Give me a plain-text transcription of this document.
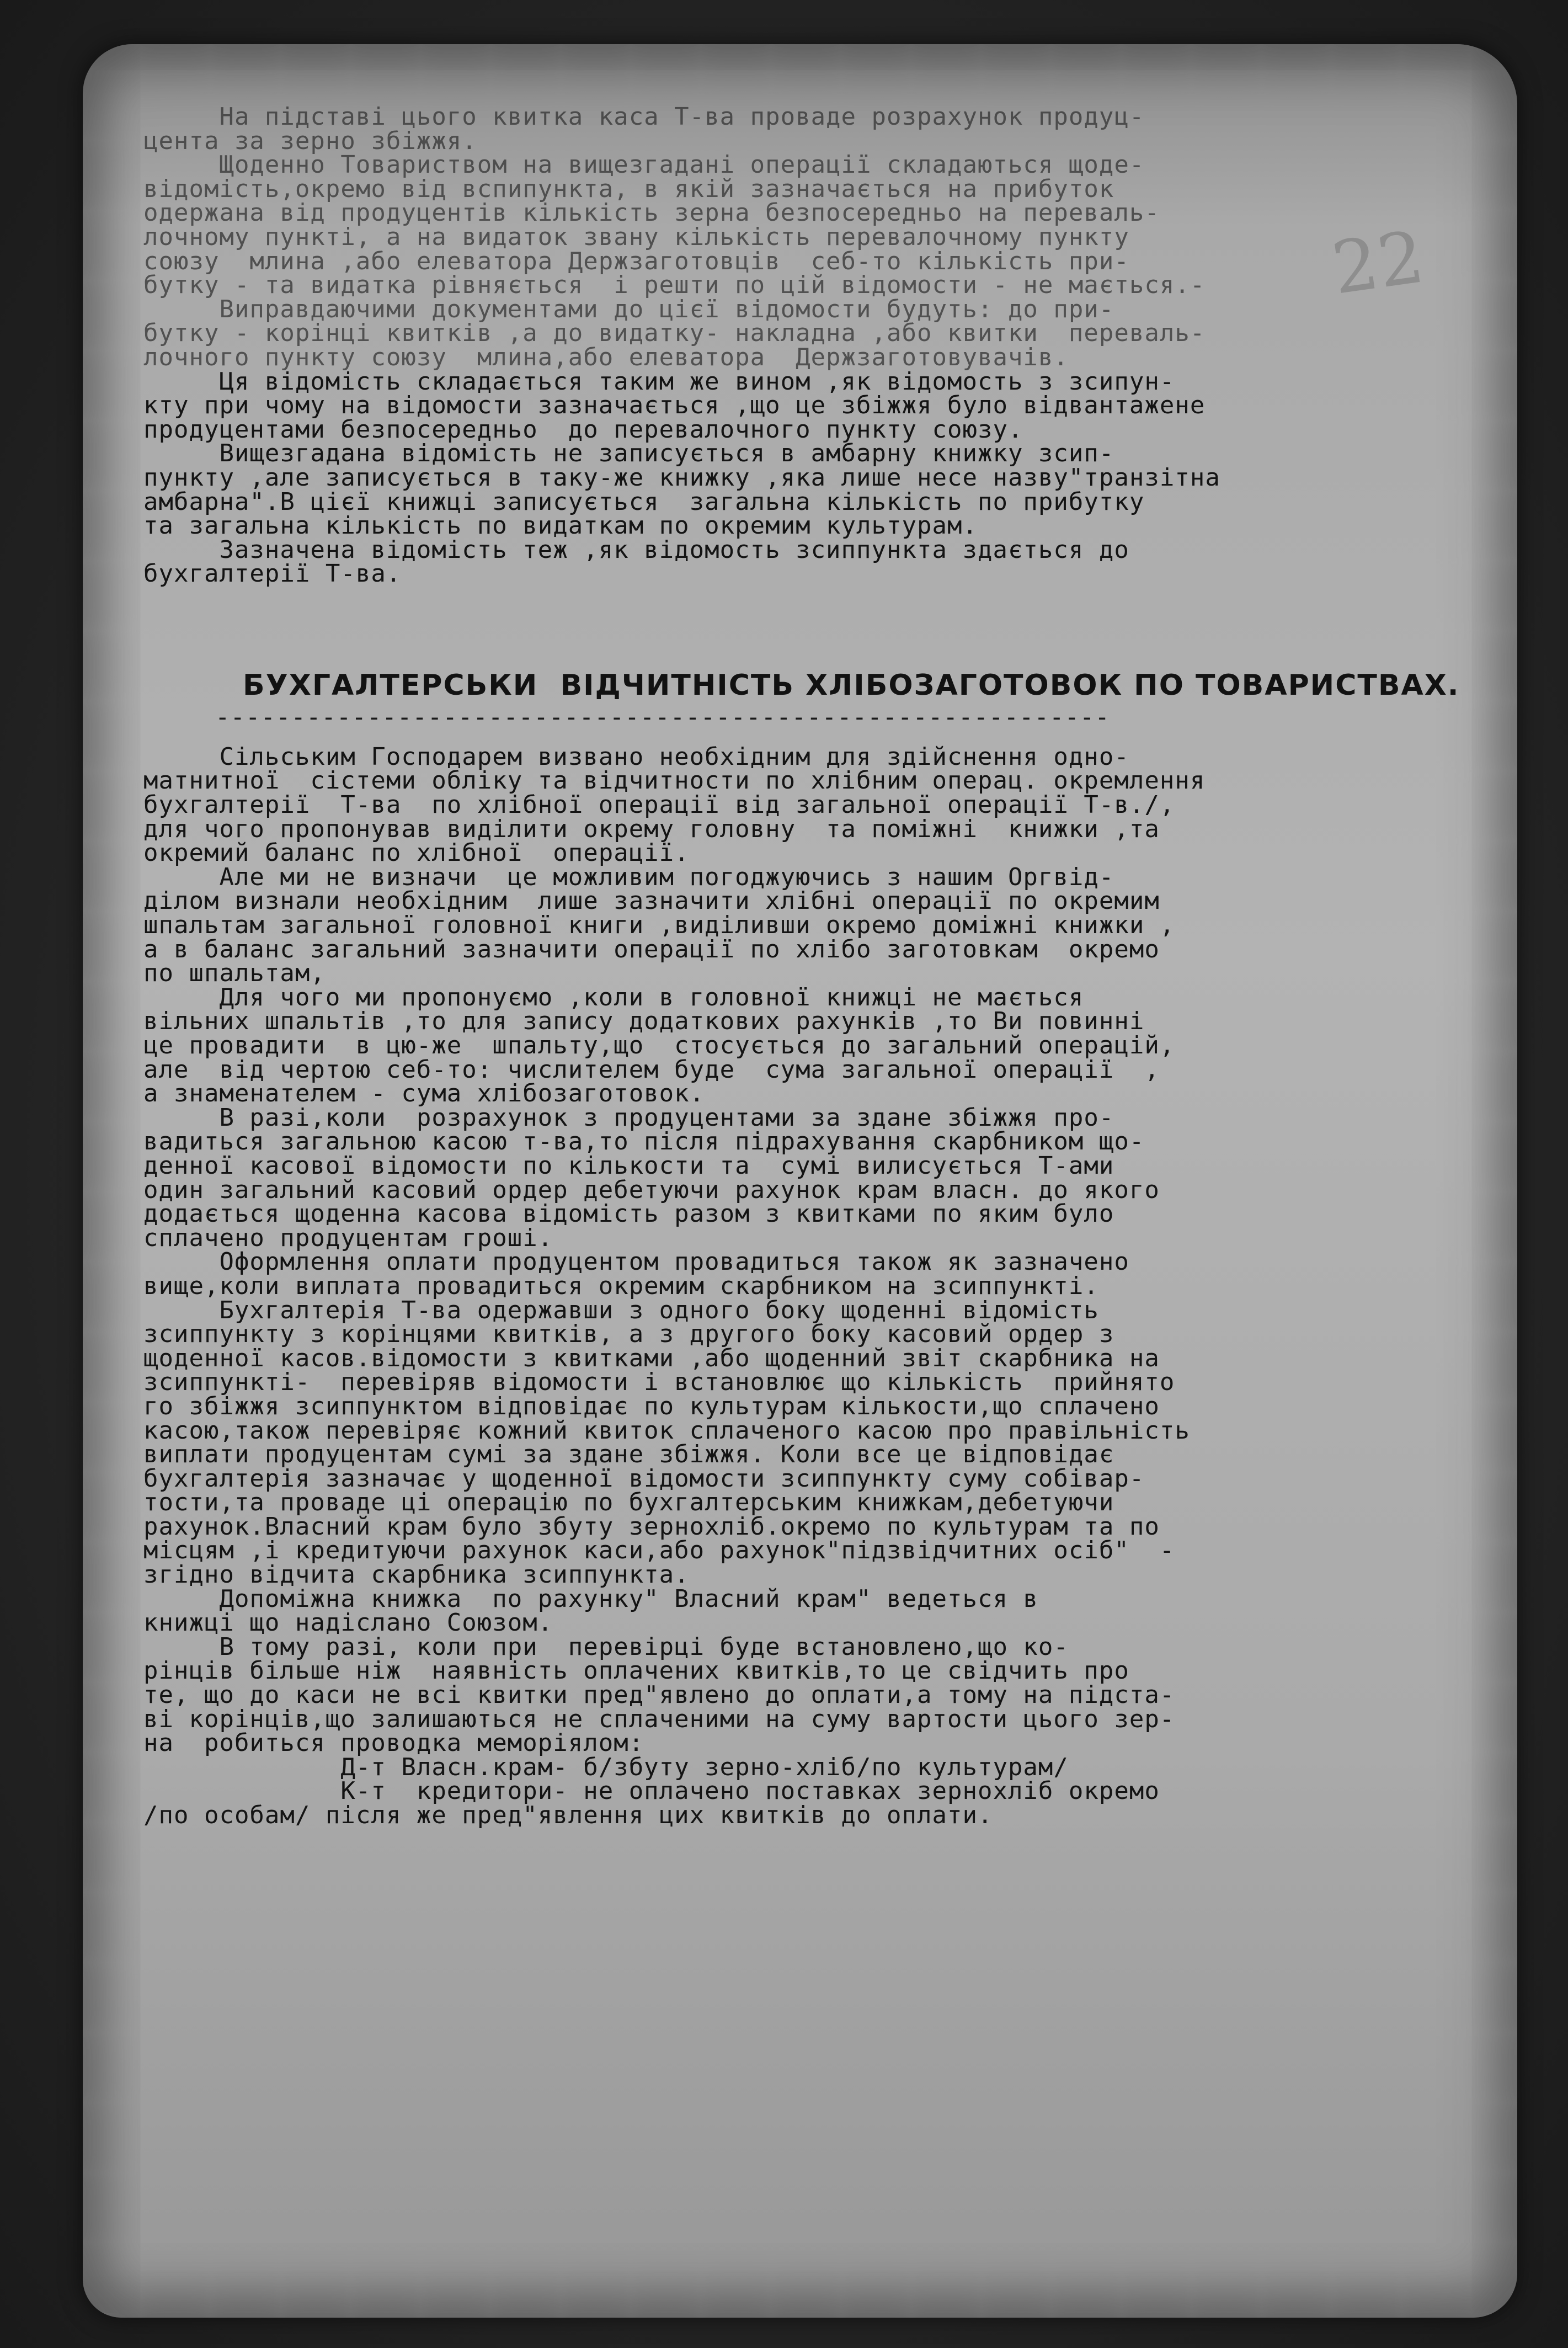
22
На підставі цього квитка каса Т-ва проваде розрахунок продуц-
цента за зерно збіжжя.
Щоденно Товариством на вищезгадані операції складаються щоде-
відомість,окремо від вспипункта, в якій зазначається на прибуток
одержана від продуцентів кількість зерна безпосередньо на переваль-
лочному пункті, а на видаток звану кількість перевалочному пункту
союзу  млина ,або елеватора Держзаготовців  себ-то кількість при-
бутку - та видатка рівняється  і решти по цій відомости - не мається.-
Виправдаючими документами до цієї відомости будуть: до при-
бутку - корінці квитків ,а до видатку- накладна ,або квитки  переваль-
лочного пункту союзу  млина,або елеватора  Держзаготовувачів.
Ця відомість складається таким же вином ,як відомость з зсипун-
кту при чому на відомости зазначається ,що це збіжжя було відвантажене
продуцентами безпосередньо  до перевалочного пункту союзу.
Вищезгадана відомість не записується в амбарну книжку зсип-
пункту ,але записується в таку-же книжку ,яка лише несе назву"транзітна
амбарна".В цієї книжці записується  загальна кількість по прибутку
та загальна кількість по видаткам по окремим культурам.
Зазначена відомість теж ,як відомость зсиппункта здається до
бухгалтерії Т-ва.
БУХГАЛТЕРСЬКИ  ВІДЧИТНІСТЬ ХЛІБОЗАГОТОВОК ПО ТОВАРИСТВАХ.
-----------------------------------------------------------
Сільським Господарем визвано необхідним для здійснення одно-
матнитної  сістеми обліку та відчитности по хлібним операц. окремлення
бухгалтерії  Т-ва  по хлібної операції від загальної операції Т-в./,
для чого пропонував виділити окрему головну  та поміжні  книжки ,та
окремий баланс по хлібної  операції.
Але ми не визначи  це можливим погоджуючись з нашим Оргвід-
ділом визнали необхідним  лише зазначити хлібні операції по окремим
шпальтам загальної головної книги ,виділивши окремо доміжні книжки ,
а в баланс загальний зазначити операції по хлібо заготовкам  окремо
по шпальтам,
Для чого ми пропонуємо ,коли в головної книжці не мається
вільних шпальтів ,то для запису додаткових рахунків ,то Ви повинні
це провадити  в цю-же  шпальту,що  стосується до загальний операцій,
але  від чертою себ-то: числителем буде  сума загальної операції  ,
а знаменателем - сума хлібозаготовок.
В разі,коли  розрахунок з продуцентами за здане збіжжя про-
вадиться загальною касою т-ва,то після підрахування скарбником що-
денної касової відомости по кількости та  сумі вилисується Т-ами
один загальний касовий ордер дебетуючи рахунок крам власн. до якого
додається щоденна касова відомість разом з квитками по яким було
сплачено продуцентам гроші.
Оформлення оплати продуцентом провадиться також як зазначено
вище,коли виплата провадиться окремим скарбником на зсиппункті.
Бухгалтерія Т-ва одержавши з одного боку щоденні відомість
зсиппункту з корінцями квитків, а з другого боку касовий ордер з
щоденної касов.відомости з квитками ,або щоденний звіт скарбника на
зсиппункті-  перевіряв відомости і встановлює що кількість  прийнято
го збіжжя зсиппунктом відповідає по культурам кількости,що сплачено
касою,також перевіряє кожний квиток сплаченого касою про правільність
виплати продуцентам сумі за здане збіжжя. Коли все це відповідає
бухгалтерія зазначає у щоденної відомости зсиппункту суму собівар-
тости,та проваде ці операцію по бухгалтерським книжкам,дебетуючи
рахунок.Власний крам було збуту зернохліб.окремо по культурам та по
місцям ,і кредитуючи рахунок каси,або рахунок"підзвідчитних осіб"  -
згідно відчита скарбника зсиппункта.
Допоміжна книжка  по рахунку" Власний крам" ведеться в
книжці що надіслано Союзом.
В тому разі, коли при  перевірці буде встановлено,що ко-
рінців більше ніж  наявність оплачених квитків,то це свідчить про
те, що до каси не всі квитки пред"явлено до оплати,а тому на підста-
ві корінців,що залишаються не сплаченими на суму вартости цього зер-
на  робиться проводка меморіялом:
Д-т Власн.крам- б/збуту зерно-хліб/по культурам/
К-т  кредитори- не оплачено поставках зернохліб окремо
/по особам/ після же пред"явлення цих квитків до оплати.
